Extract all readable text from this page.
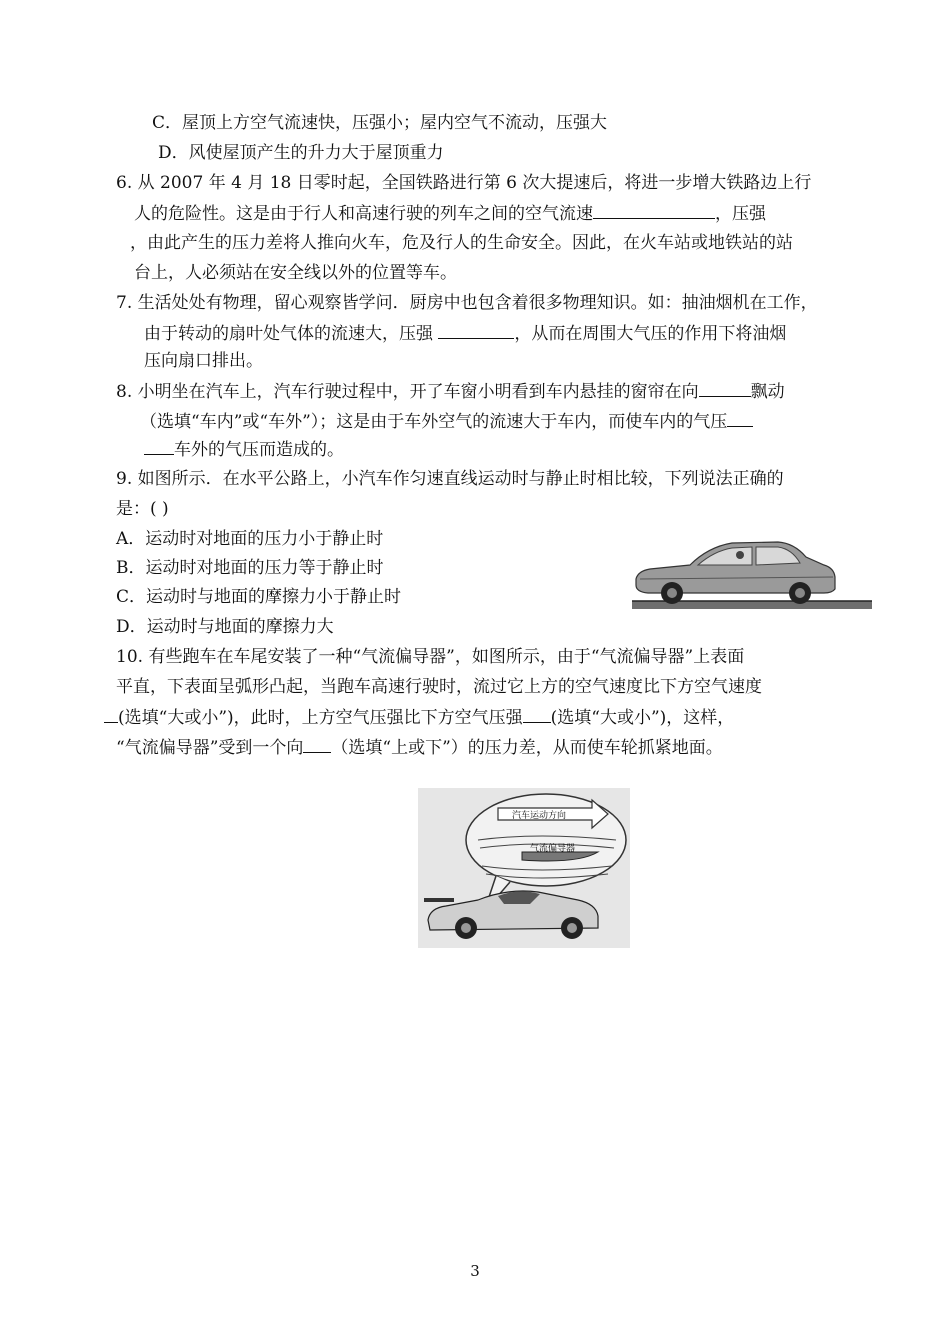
C．屋顶上方空气流速快，压强小；屋内空气不流动，压强大
D．风使屋顶产生的升力大于屋顶重力
6. 从 2007 年 4 月 18 日零时起，全国铁路进行第 6 次大提速后，将进一步增大铁路边上行
人的危险性。这是由于行人和高速行驶的列车之间的空气流速	，压强
，由此产生的压力差将人推向火车，危及行人的生命安全。因此，在火车站或地铁站的站
台上，人必须站在安全线以外的位置等车。
7. 生活处处有物理，留心观察皆学问．厨房中也包含着很多物理知识。如：抽油烟机在工作，
由于转动的扇叶处气体的流速大，压强	，从而在周围大气压的作用下将油烟
压向扇口排出。
8. 小明坐在汽车上，汽车行驶过程中，开了车窗小明看到车内悬挂的窗帘在向	飘动
（选填“车内”或“车外”）；这是由于车外空气的流速大于车内，而使车内的气压
车外的气压而造成的。
9. 如图所示．在水平公路上，小汽车作匀速直线运动时与静止时相比较，下列说法正确的
是：( )
A．运动时对地面的压力小于静止时
B．运动时对地面的压力等于静止时
C．运动时与地面的摩擦力小于静止时
D．运动时与地面的摩擦力大
10. 有些跑车在车尾安装了一种“气流偏导器”，如图所示，由于“气流偏导器”上表面
平直，下表面呈弧形凸起，当跑车高速行驶时，流过它上方的空气速度比下方空气速度
(选填“大或小”)，此时，上方空气压强比下方空气压强 (选填“大或小”)，这样，
“气流偏导器”受到一个向 （选填“上或下”）的压力差，从而使车轮抓紧地面。
汽车运动方向
气流偏导器
3
